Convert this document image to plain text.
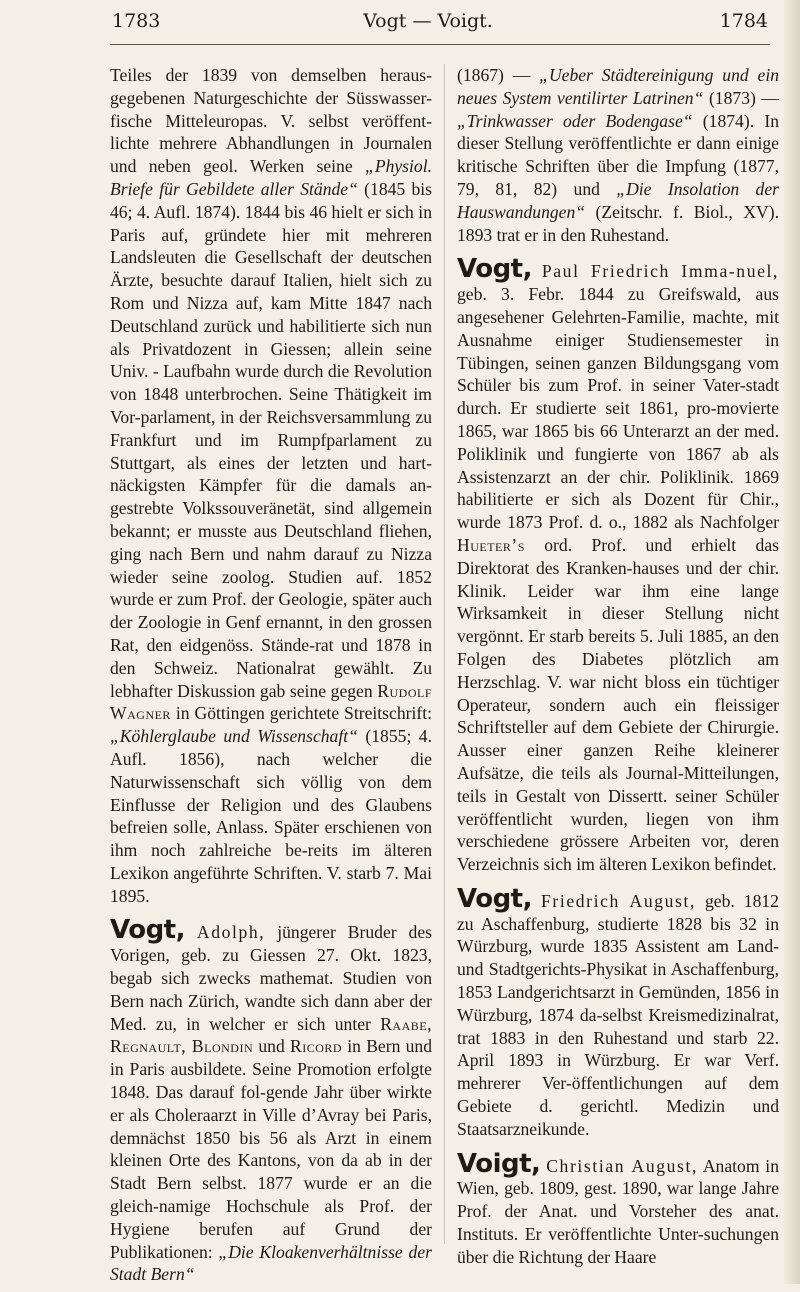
1783	Vogt — Voigt.	1784

Teiles der 1839 von demselben heraus-gegebenen Naturgeschichte der Süsswasser-fische Mitteleuropas. V. selbst veröffent-lichte mehrere Abhandlungen in Journalen und neben geol. Werken seine „Physiol. Briefe für Gebildete aller Stände“ (1845 bis 46; 4. Aufl. 1874). 1844 bis 46 hielt er sich in Paris auf, gründete hier mit mehreren Landsleuten die Gesellschaft der deutschen Ärzte, besuchte darauf Italien, hielt sich zu Rom und Nizza auf, kam Mitte 1847 nach Deutschland zurück und habilitierte sich nun als Privatdozent in Giessen; allein seine Univ. - Laufbahn wurde durch die Revolution von 1848 unterbrochen. Seine Thätigkeit im Vor-parlament, in der Reichsversammlung zu Frankfurt und im Rumpfparlament zu Stuttgart, als eines der letzten und hart-näckigsten Kämpfer für die damals an-gestrebte Volkssouveränetät, sind allgemein bekannt; er musste aus Deutschland fliehen, ging nach Bern und nahm darauf zu Nizza wieder seine zoolog. Studien auf. 1852 wurde er zum Prof. der Geologie, später auch der Zoologie in Genf ernannt, in den grossen Rat, den eidgenöss. Stände-rat und 1878 in den Schweiz. Nationalrat gewählt. Zu lebhafter Diskussion gab seine gegen Rudolf Wagner in Göttingen gerichtete Streitschrift: „Köhlerglaube und Wissenschaft“ (1855; 4. Aufl. 1856), nach welcher die Naturwissenschaft sich völlig von dem Einflusse der Religion und des Glaubens befreien solle, Anlass. Später erschienen von ihm noch zahlreiche be-reits im älteren Lexikon angeführte Schriften. V. starb 7. Mai 1895.

Vogt, Adolph, jüngerer Bruder des Vorigen, geb. zu Giessen 27. Okt. 1823, begab sich zwecks mathemat. Studien von Bern nach Zürich, wandte sich dann aber der Med. zu, in welcher er sich unter Raabe, Regnault, Blondin und Ricord in Bern und in Paris ausbildete. Seine Promotion erfolgte 1848. Das darauf fol-gende Jahr über wirkte er als Choleraarzt in Ville d’Avray bei Paris, demnächst 1850 bis 56 als Arzt in einem kleinen Orte des Kantons, von da ab in der Stadt Bern selbst. 1877 wurde er an die gleich-namige Hochschule als Prof. der Hygiene berufen auf Grund der Publikationen: „Die Kloakenverhältnisse der Stadt Bern“

(1867) — „Ueber Städtereinigung und ein neues System ventilirter Latrinen“ (1873) — „Trinkwasser oder Bodengase“ (1874). In dieser Stellung veröffentlichte er dann einige kritische Schriften über die Impfung (1877, 79, 81, 82) und „Die Insolation der Hauswandungen“ (Zeitschr. f. Biol., XV). 1893 trat er in den Ruhestand.

Vogt, Paul Friedrich Imma-nuel, geb. 3. Febr. 1844 zu Greifswald, aus angesehener Gelehrten-Familie, machte, mit Ausnahme einiger Studiensemester in Tübingen, seinen ganzen Bildungsgang vom Schüler bis zum Prof. in seiner Vater-stadt durch. Er studierte seit 1861, pro-movierte 1865, war 1865 bis 66 Unterarzt an der med. Poliklinik und fungierte von 1867 ab als Assistenzarzt an der chir. Poliklinik. 1869 habilitierte er sich als Dozent für Chir., wurde 1873 Prof. d. o., 1882 als Nachfolger Hueter’s ord. Prof. und erhielt das Direktorat des Kranken-hauses und der chir. Klinik. Leider war ihm eine lange Wirksamkeit in dieser Stellung nicht vergönnt. Er starb bereits 5. Juli 1885, an den Folgen des Diabetes plötzlich am Herzschlag. V. war nicht bloss ein tüchtiger Operateur, sondern auch ein fleissiger Schriftsteller auf dem Gebiete der Chirurgie. Ausser einer ganzen Reihe kleinerer Aufsätze, die teils als Journal-Mitteilungen, teils in Gestalt von Dissertt. seiner Schüler veröffentlicht wurden, liegen von ihm verschiedene grössere Arbeiten vor, deren Verzeichnis sich im älteren Lexikon befindet.

Vogt, Friedrich August, geb. 1812 zu Aschaffenburg, studierte 1828 bis 32 in Würzburg, wurde 1835 Assistent am Land- und Stadtgerichts-Physikat in Aschaffenburg, 1853 Landgerichtsarzt in Gemünden, 1856 in Würzburg, 1874 da-selbst Kreismedizinalrat, trat 1883 in den Ruhestand und starb 22. April 1893 in Würzburg. Er war Verf. mehrerer Ver-öffentlichungen auf dem Gebiete d. gerichtl. Medizin und Staatsarzneikunde.

Voigt, Christian August, Anatom in Wien, geb. 1809, gest. 1890, war lange Jahre Prof. der Anat. und Vorsteher des anat. Instituts. Er veröffentlichte Unter-suchungen über die Richtung der Haare
